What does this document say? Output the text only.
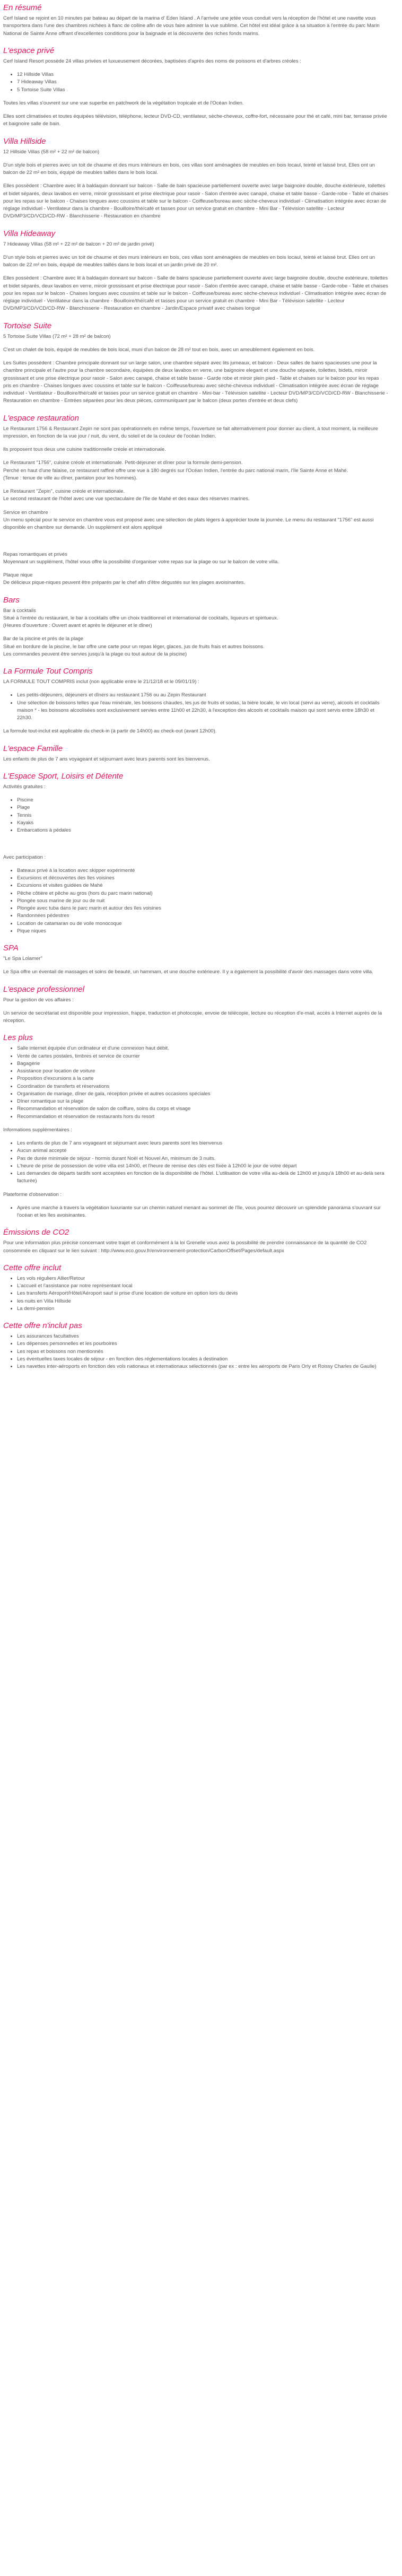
En résumé

Cerf Island se rejoint en 10 minutes par bateau au départ de la marina d' Eden Island . A l'arrivée une jetée vous conduit vers la réception de l'hôtel et une navette vous transportera dans l'une des chambres nichées à flanc de colline afin de vous faire admirer la vue sublime. Cet hôtel est idéal grâce à sa situation à l'entrée du parc Marin National de Sainte Anne offrant d'excellentes conditions pour la baignade et la découverte des riches fonds marins.

L'espace privé

Cerf Island Resort possède 24 villas privées et luxueusement décorées, baptisées d'après des noms de poissons et d'arbres créoles :

• 12 Hillside Villas
• 7 Hideaway Villas
• 5 Tortoise Suite Villas

Toutes les villas s'ouvrent sur une vue superbe en patchwork de la végétation tropicale et de l'Océan Indien.

Elles sont climatisées et toutes équipées télévision, téléphone, lecteur DVD-CD, ventilateur, sèche-cheveux, coffre-fort, nécessaire pour thé et café, mini bar, terrasse privée et baignoire salle de bain.

Villa Hillside

12 Hillside Villas (58 m² + 22 m² de balcon)

D'un style bois et pierres avec un toit de chaume et des murs intérieurs en bois, ces villas sont aménagées de meubles en bois locaul, teinté et laissé brut. Elles ont un balcon de 22 m² en bois, équipé de meubles taillés dans le bois local.

Elles possèdent : Chambre avec lit à baldaquin donnant sur balcon - Salle de bain spacieuse partiellement ouverte avec large baignoire double, douche extérieure, toilettes et bidet séparés, deux lavabos en verre, miroir grossissant et prise électrique pour rasoir - Salon d'entrée avec canapé, chaise et table basse - Garde-robe - Table et chaises pour les repas sur le balcon - Chaises longues avec coussins et table sur le balcon - Coiffeuse/bureau avec sèche-cheveux individuel - Climatisation intégrée avec écran de réglage individuel - Ventilateur dans la chambre - Bouilloire/thé/café et tasses pour un service gratuit en chambre - Mini Bar - Télévision satellite - Lecteur DVD/MP3/CD/VCD/CD-RW - Blanchisserie - Restauration en chambre

Villa Hideaway

7 Hideaway Villas (58 m² + 22 m² de balcon + 20 m² de jardin privé)

D'un style bois et pierres avec un toit de chaume et des murs intérieurs en bois, ces villas sont aménagées de meubles en bois locaul, teinté et laissé brut. Elles ont un balcon de 22 m² en bois, équipé de meubles taillés dans le bois local et un jardin privé de 20 m².

Elles possèdent : Chambre avec lit à baldaquin donnant sur balcon - Salle de bains spacieuse partiellement ouverte avec large baignoire double, douche extérieure, toilettes et bidet séparés, deux lavabos en verre, miroir grossissant et prise électrique pour rasoir - Salon d'entrée avec canapé, chaise et table basse - Garde-robe - Table et chaises pour les repas sur le balcon - Chaises longues avec coussins et table sur le balcon - Coiffeuse/bureau avec sèche-cheveux individuel - Climatisation intégrée avec écran de réglage individuel - Ventilateur dans la chambre - Bouilloire/thé/café et tasses pour un service gratuit en chambre - Mini Bar - Télévision satellite - Lecteur DVD/MP3/CD/VCD/CD-RW - Blanchisserie - Restauration en chambre - Jardin/Espace privatif avec chaises longue

Tortoise Suite

5 Tortoise Suite Villas (72 m² + 28 m² de balcon)

C'est un chalet de bois, équipé de meubles de bois local, muni d'un balcon de 28 m² tout en bois, avec un ameublement également en bois.

Les Suites possèdent : Chambre principale donnant sur un large salon, une chambre séparé avec lits jumeaux, et balcon - Deux salles de bains spacieuses une pour la chambre principale et l'autre pour la chambre secondaire, équipées de deux lavabos en verre, une baignoire elegant et une douche séparée, toilettes, bidets, miroir grossissant et une prise électrique pour rasoir - Salon avec canapé, chaise et table basse - Garde robe et miroir plein pied - Table et chaises sur le balcon pour les repas pris en chambre - Chaises longues avec coussins et table sur le balcon - Coiffeuse/bureau avec sèche-cheveux individuel - Climatisation intégrée avec écran de réglage individuel - Ventilateur - Bouilloire/thé/café et tasses pour un service gratuit en chambre - Mini-bar - Télévision satellite - Lecteur DVD/MP3/CD/VCD/CD-RW - Blanchisserie - Restauration en chambre - Entrées séparées pour les deux pièces, communiquant par le balcon (deux portes d'entrée et deux clefs)

L'espace restauration

Le Restaurant 1756 & Restaurant Zepin ne sont pas opérationnels en même temps, l'ouverture se fait alternativement pour donner au client, à tout moment, la meilleure impression, en fonction de la vue jour / nuit, du vent, du soleil et de la couleur de l'océan Indien.

Ils proposent tous deux une cuisine traditionnelle créole et internationale.

Le Restaurant "1756", cuisine créole et internationale. Petit-déjeuner et dîner pour la formule demi-pension.
Perché en haut d'une falaise, ce restaurant raffiné offre une vue à 180 degrés sur l'Océan Indien, l'entrée du parc national marin, l'île Sainte Anne et Mahé.
(Tenue : tenue de ville au dîner, pantalon pour les hommes).

Le Restaurant "Zepin", cuisine créole et internationale.
Le second restaurant de l'hôtel avec une vue spectaculaire de l'île de Mahé et des eaux des réserves marines.

Service en chambre
Un menu spécial pour le service en chambre vous est proposé avec une sélection de plats légers à apprécier toute la journée. Le menu du restaurant "1756" est aussi disponible en chambre sur demande. Un supplément est alors appliqué

Repas romantiques et privés
Moyennant un supplément, l'hôtel vous offre la possibilité d'organiser votre repas sur la plage ou sur le balcon de votre villa.

Plaque nique
De délicieux pique-niques peuvent être préparés par le chef afin d'être dégustés sur les plages avoisinantes.

Bars

Bar à cocktails
Situé à l'entrée du restaurant, le bar à cocktails offre un choix traditionnel et international de cocktails, liqueurs et spiritueux.
(Heures d'ouverture : Ouvert avant et après le déjeuner et le dîner)

Bar de la piscine et prés de la plage
Situé en bordure de la piscine, le bar offre une carte pour un repas léger, glaces, jus de fruits frais et autres boissons.
Les commandes peuvent être servies jusqu'à la plage ou tout autour de la piscine)

La Formule Tout Compris

LA FORMULE TOUT COMPRIS inclut (non applicable entre le 21/12/18 et le 09/01/19) :

• Les petits-déjeuners, déjeuners et dîners au restaurant 1756 ou au Zepin Restaurant
• Une sélection de boissons telles que l'eau minérale, les boissons chaudes, les jus de fruits et sodas, la bière locale, le vin local (servi au verre), alcools et cocktails maison * - les boissons alcoolisées sont exclusivement servies entre 11h00 et 22h30, à l'exception des alcools et cocktails maison qui sont servis entre 18h30 et 22h30.

La formule tout-inclut est applicable du check-in (à partir de 14h00) au check-out (avant 12h00).

L'espace Famille

Les enfants de plus de 7 ans voyageant et séjournant avec leurs parents sont les bienvenus.

L'Espace Sport, Loisirs et Détente

Activités gratuites :

• Piscine
• Plage
• Tennis
• Kayaks
• Embarcations à pédales

Avec participation :

• Bateaux privé à la location avec skipper expérimenté
• Excursions et découvertes des îles voisines
• Excursions et visites guidées de Mahé
• Pêche côtière et pêche au gros (hors du parc marin national)
• Plongée sous marine de jour ou de nuit
• Plongée avec tuba dans le parc marin et autour des îles voisines
• Randonnées pédestres
• Location de catamaran ou de voile monocoque
• Pique niques
SPA

"Le Spa Lolamer"

Le Spa offre un éventail de massages et soins de beauté, un hammam, et une douche extérieure. Il y a également la possibilité d'avoir des massages dans votre villa.

L'espace professionnel

Pour la gestion de vos affaires :

Un service de secrétariat est disponible pour impression, frappe, traduction et photocopie, envoie de télécopie, lecture ou réception d'e-mail, accès à Internet auprès de la réception.

Les plus
• Salle internet équipée d'un ordinateur et d'une connexion haut débit.
• Vente de cartes postales, timbres et service de courrier
• Bagagerie
• Assistance pour location de voiture
• Proposition d'excursions à la carte
• Coordination de transferts et réservations
• Organisation de mariage, dîner de gala, réception privée et autres occasions spéciales
• Dîner romantique sur la plage
• Recommandation et réservation de salon de coiffure, soins du corps et visage
• Recommandation et réservation de restaurants hors du resort

Informations supplémentaires :

• Les enfants de plus de 7 ans voyageant et séjournant avec leurs parents sont les bienvenus
• Aucun animal accepté
• Pas de durée minimale de séjour - hormis durant Noël et Nouvel An, minimum de 3 nuits.
• L'heure de prise de possession de votre villa est 14h00, et l'heure de remise des clés est fixée à 12h00 le jour de votre départ
• Les demandes de départs tardifs sont acceptées en fonction de la disponibilité de l'hôtel. L'utilisation de votre villa au-delà de 12h00 et jusqu'à 18h00 et au-delà sera facturée)

Plateforme d'observation :

• Après une marche à travers la végétation luxuriante sur un chemin naturel menant au sommet de l'île, vous pourrez découvrir un splendide panorama s'ouvrant sur l'océan et les îles avoisinantes.
Émissions de CO2

Pour une information plus précise concernant votre trajet et conformément à la loi Grenelle vous avez la possibilité de prendre connaissance de la quantité de CO2 consommée en cliquant sur le lien suivant : http://www.eco.gouv.fr/environnement-protection/CarbonOffset/Pages/default.aspx

Cette offre inclut
• Les vols réguliers Allier/Retour
• L'accueil et l'assistance par notre représentant local
• Les transferts Aéroport/Hôtel/Aéroport sauf si prise d'une location de voiture en option lors du devis
• les nuits en Villa Hillside
• La demi-pension
Cette offre n'inclut pas
• Les assurances facultatives
• Les dépenses personnelles et les pourboires
• Les repas et boissons non mentionnés
• Les éventuelles taxes locales de séjour - en fonction des réglementations locales à destination
• Les navettes inter-aéroports en fonction des vols nationaux et internationaux sélectionnés (par ex : entre les aéroports de Paris Orly et Roissy Charles de Gaulle)
